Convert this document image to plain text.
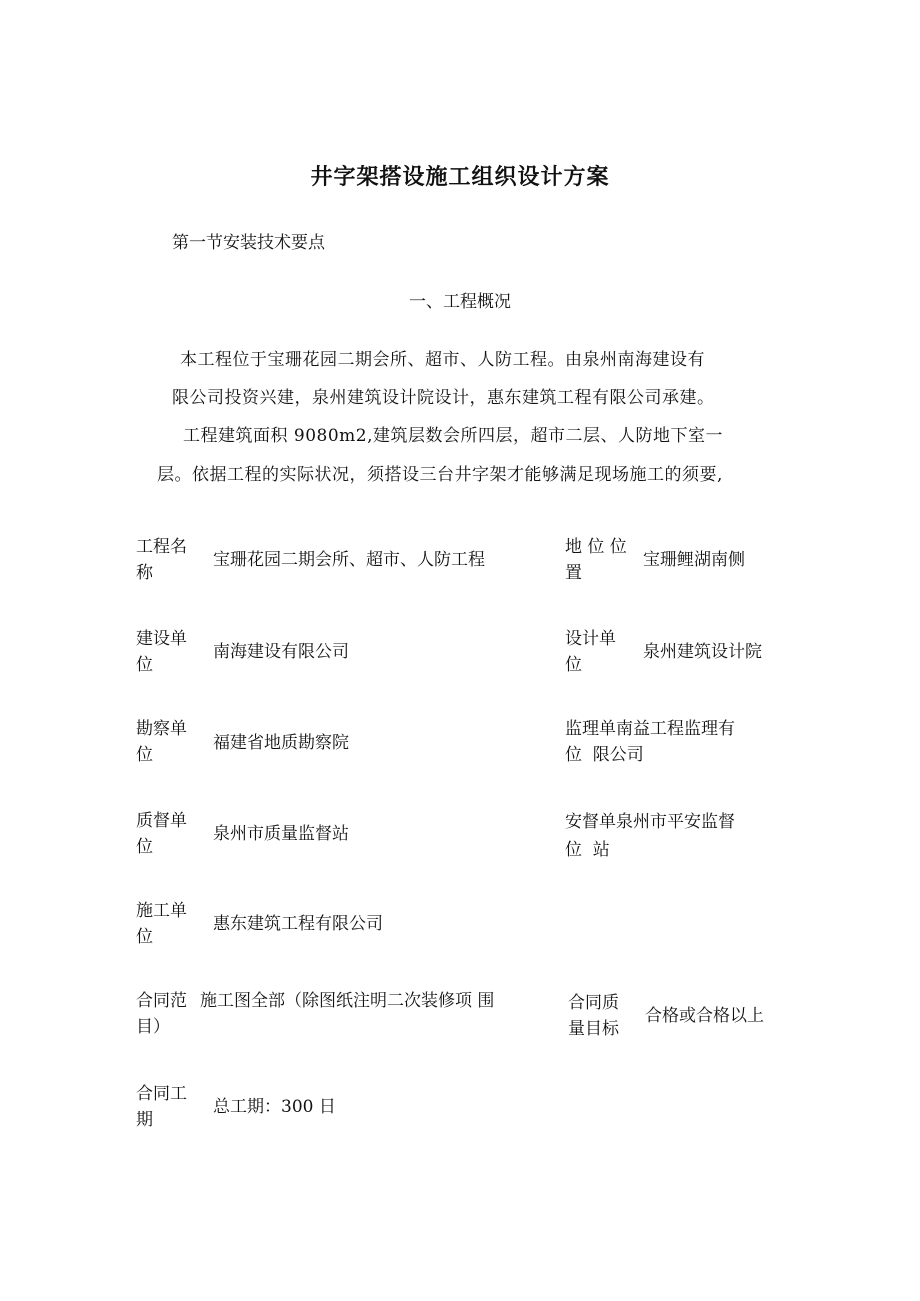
井字架搭设施工组织设计方案
第一节安装技术要点
一、工程概况
本工程位于宝珊花园二期会所、超市、人防工程。由泉州南海建设有
限公司投资兴建，泉州建筑设计院设计，惠东建筑工程有限公司承建。
工程建筑面积 9080m2,建筑层数会所四层，超市二层、人防地下室一
层。依据工程的实际状况，须搭设三台井字架才能够满足现场施工的须要,
工程名
称
宝珊花园二期会所、超市、人防工程
地 位 位
置
宝珊鲤湖南侧
建设单
位
南海建设有限公司
设计单
位
泉州建筑设计院
勘察单
位
福建省地质勘察院
监理单南益工程监理有
位  限公司
质督单
位
泉州市质量监督站
安督单泉州市平安监督
位  站
施工单
位
惠东建筑工程有限公司
合同范
目）
施工图全部（除图纸注明二次装修项 围	合同质
量目标
合格或合格以上
合同工
期
总工期：300 日
